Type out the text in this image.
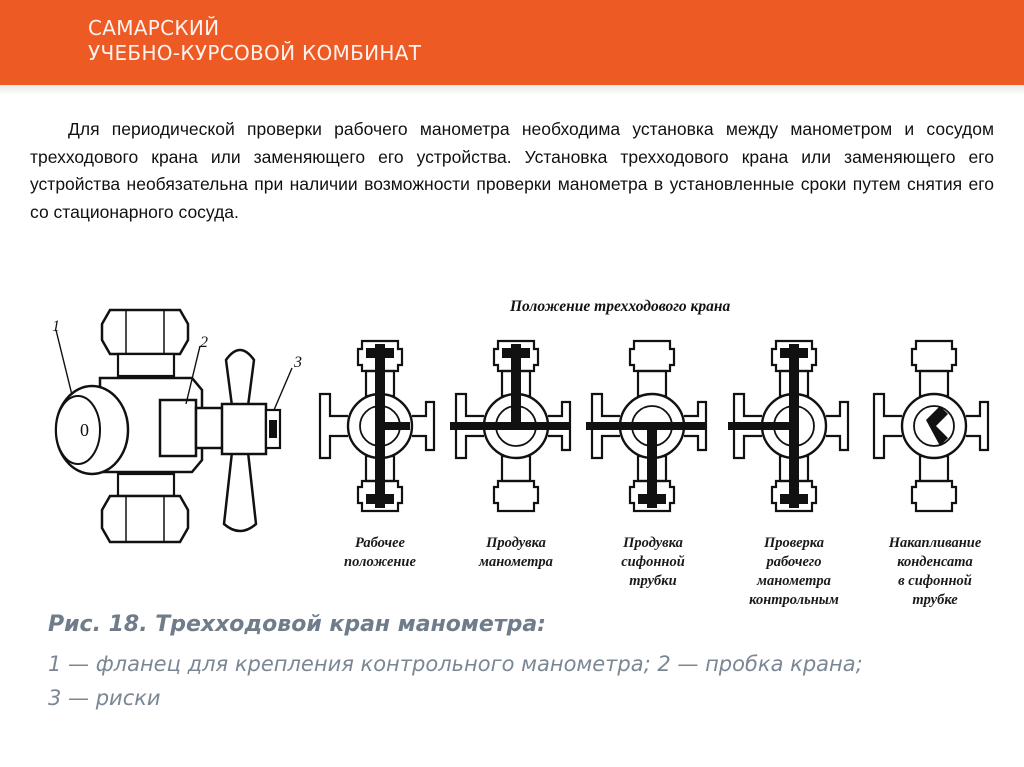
САМАРСКИЙ
УЧЕБНО-КУРСОВОЙ КОМБИНАТ

Для периодической проверки рабочего манометра необходима установка между манометром и сосудом трехходового крана или заменяющего его устройства. Установка трехходового крана или заменяющего его устройства необязательна при наличии возможности проверки манометра в установленные сроки путем снятия его со стационарного сосуда.

Положение трехходового крана
1
2
3
0
Рабочее
положение
Продувка
манометра
Продувка
сифонной
трубки
Проверка
рабочего
манометра
контрольным
Накапливание
конденсата
в сифонной
трубке
Рис. 18. Трехходовой кран манометра:
1 — фланец для крепления контрольного манометра; 2 — пробка крана;
3 — риски
